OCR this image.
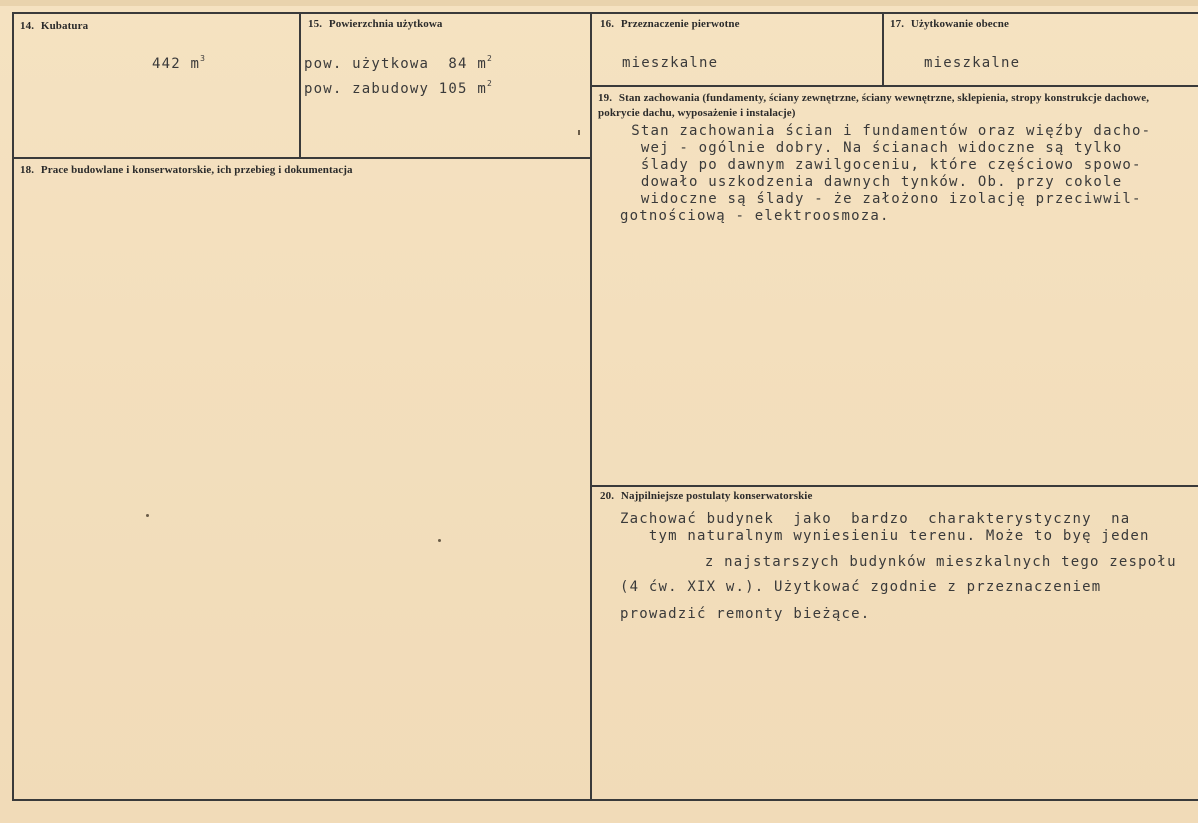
14. Kubatura
442 $m^3$
15. Powierzchnia użytkowa
pow. użytkowa  84 $m^2$
pow. zabudowy 105 $m^2$
16. Przeznaczenie pierwotne
mieszkalne
17. Użytkowanie obecne
mieszkalne
18. Prace budowlane i konserwatorskie, ich przebieg i dokumentacja
19. Stan zachowania (fundamenty, ściany zewnętrzne, ściany wewnętrzne, sklepienia, stropy konstrukcje dachowe, pokrycie dachu, wyposażenie i instalacje)
Stan zachowania ścian i fundamentów oraz więźby dacho-
wej - ogólnie dobry. Na ścianach widoczne są tylko
ślady po dawnym zawilgoceniu, które częściowo spowo-
dowało uszkodzenia dawnych tynków. Ob. przy cokole
widoczne są ślady - że założono izolację przeciwwil-
gotnościową - elektroosmoza.
20. Najpilniejsze postulaty konserwatorskie
Zachować budynek  jako  bardzo  charakterystyczny  na
tym naturalnym wyniesieniu terenu. Może to byę jeden
z najstarszych budynków mieszkalnych tego zespołu
(4 ćw. XIX w.). Użytkować zgodnie z przeznaczeniem
prowadzić remonty bieżące.
